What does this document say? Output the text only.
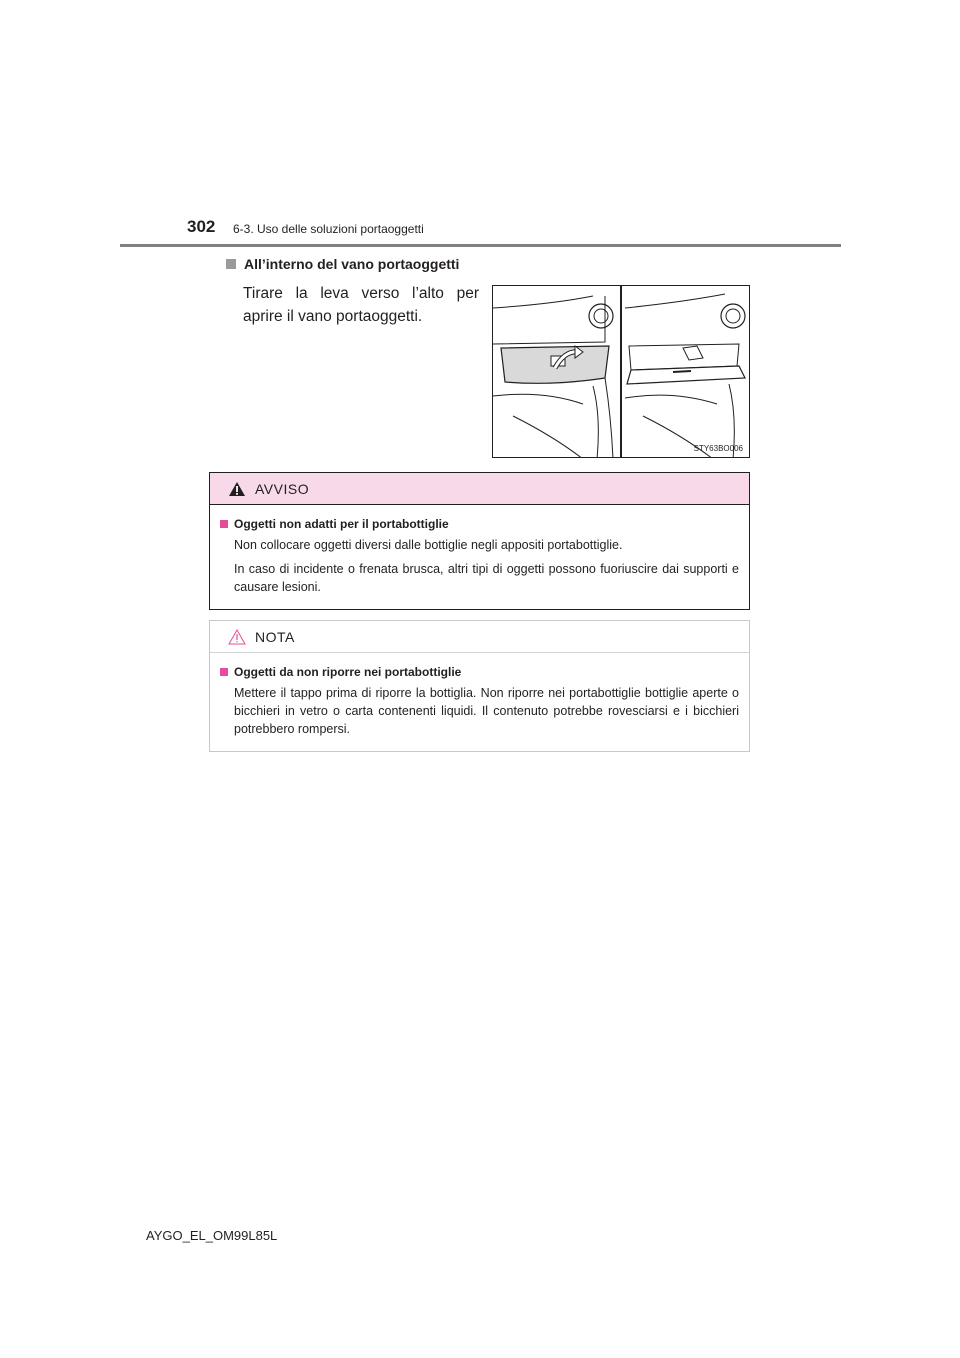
302 6-3. Uso delle soluzioni portaoggetti
All’interno del vano portaoggetti
Tirare la leva verso l’alto per aprire il vano portaoggetti.
STY63BO006
AVVISO
Oggetti non adatti per il portabottiglie
Non collocare oggetti diversi dalle bottiglie negli appositi portabottiglie.
In caso di incidente o frenata brusca, altri tipi di oggetti possono fuoriuscire dai supporti e causare lesioni.
NOTA
Oggetti da non riporre nei portabottiglie
Mettere il tappo prima di riporre la bottiglia. Non riporre nei portabottiglie bottiglie aperte o bicchieri in vetro o carta contenenti liquidi. Il contenuto potrebbe rovesciarsi e i bicchieri potrebbero rompersi.
AYGO_EL_OM99L85L
